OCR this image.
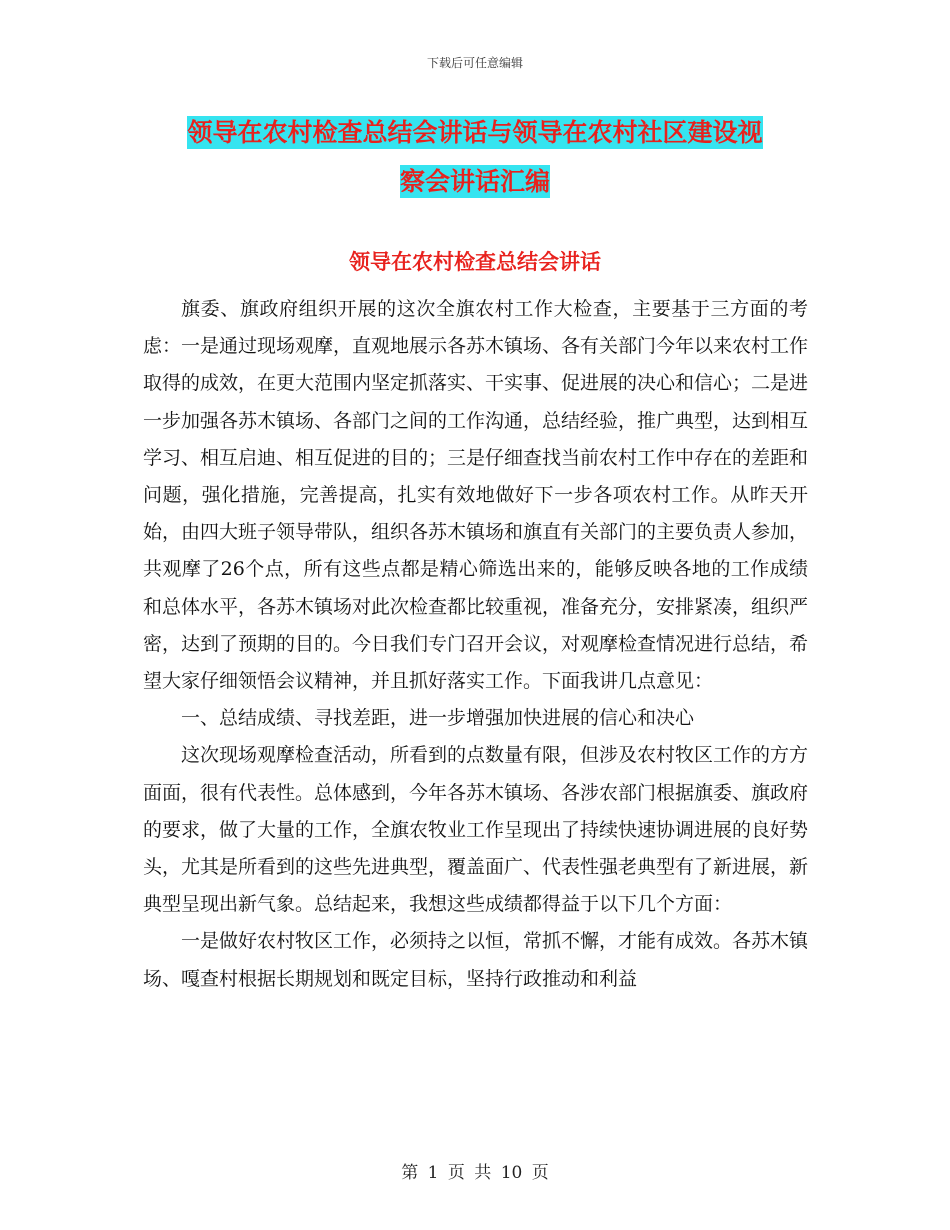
下载后可任意编辑
领导在农村检查总结会讲话与领导在农村社区建设视
察会讲话汇编
领导在农村检查总结会讲话

旗委、旗政府组织开展的这次全旗农村工作大检查，主要基于三方面的考虑：一是通过现场观摩，直观地展示各苏木镇场、各有关部门今年以来农村工作取得的成效，在更大范围内坚定抓落实、干实事、促进展的决心和信心；二是进一步加强各苏木镇场、各部门之间的工作沟通，总结经验，推广典型，达到相互学习、相互启迪、相互促进的目的；三是仔细查找当前农村工作中存在的差距和问题，强化措施，完善提高，扎实有效地做好下一步各项农村工作。从昨天开始，由四大班子领导带队，组织各苏木镇场和旗直有关部门的主要负责人参加，共观摩了26个点，所有这些点都是精心筛选出来的，能够反映各地的工作成绩和总体水平，各苏木镇场对此次检查都比较重视，准备充分，安排紧凑，组织严密，达到了预期的目的。今日我们专门召开会议，对观摩检查情况进行总结，希望大家仔细领悟会议精神，并且抓好落实工作。下面我讲几点意见：

一、总结成绩、寻找差距，进一步增强加快进展的信心和决心

这次现场观摩检查活动，所看到的点数量有限，但涉及农村牧区工作的方方面面，很有代表性。总体感到，今年各苏木镇场、各涉农部门根据旗委、旗政府的要求，做了大量的工作，全旗农牧业工作呈现出了持续快速协调进展的良好势头，尤其是所看到的这些先进典型，覆盖面广、代表性强老典型有了新进展，新典型呈现出新气象。总结起来，我想这些成绩都得益于以下几个方面：

一是做好农村牧区工作，必须持之以恒，常抓不懈，才能有成效。各苏木镇场、嘎查村根据长期规划和既定目标，坚持行政推动和利益

第 1 页 共 10 页
